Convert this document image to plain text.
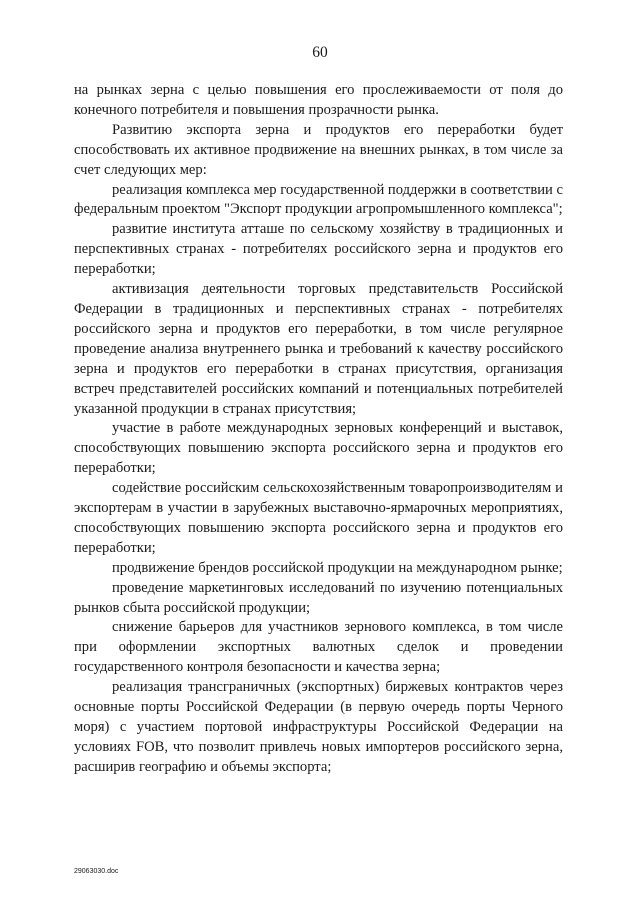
60

на рынках зерна с целью повышения его прослеживаемости от поля до конечного потребителя и повышения прозрачности рынка.

Развитию экспорта зерна и продуктов его переработки будет способствовать их активное продвижение на внешних рынках, в том числе за счет следующих мер:

реализация комплекса мер государственной поддержки в соответствии с федеральным проектом "Экспорт продукции агропромышленного комплекса";

развитие института атташе по сельскому хозяйству в традиционных и перспективных странах - потребителях российского зерна и продуктов его переработки;

активизация деятельности торговых представительств Российской Федерации в традиционных и перспективных странах - потребителях российского зерна и продуктов его переработки, в том числе регулярное проведение анализа внутреннего рынка и требований к качеству российского зерна и продуктов его переработки в странах присутствия, организация встреч представителей российских компаний и потенциальных потребителей указанной продукции в странах присутствия;

участие в работе международных зерновых конференций и выставок, способствующих повышению экспорта российского зерна и продуктов его переработки;

содействие российским сельскохозяйственным товаропроизводителям и экспортерам в участии в зарубежных выставочно-ярмарочных мероприятиях, способствующих повышению экспорта российского зерна и продуктов его переработки;

продвижение брендов российской продукции на международном рынке;

проведение маркетинговых исследований по изучению потенциальных рынков сбыта российской продукции;

снижение барьеров для участников зернового комплекса, в том числе при оформлении экспортных валютных сделок и проведении государственного контроля безопасности и качества зерна;

реализация трансграничных (экспортных) биржевых контрактов через основные порты Российской Федерации (в первую очередь порты Черного моря) с участием портовой инфраструктуры Российской Федерации на условиях FOB, что позволит привлечь новых импортеров российского зерна, расширив географию и объемы экспорта;

29063030.doc
